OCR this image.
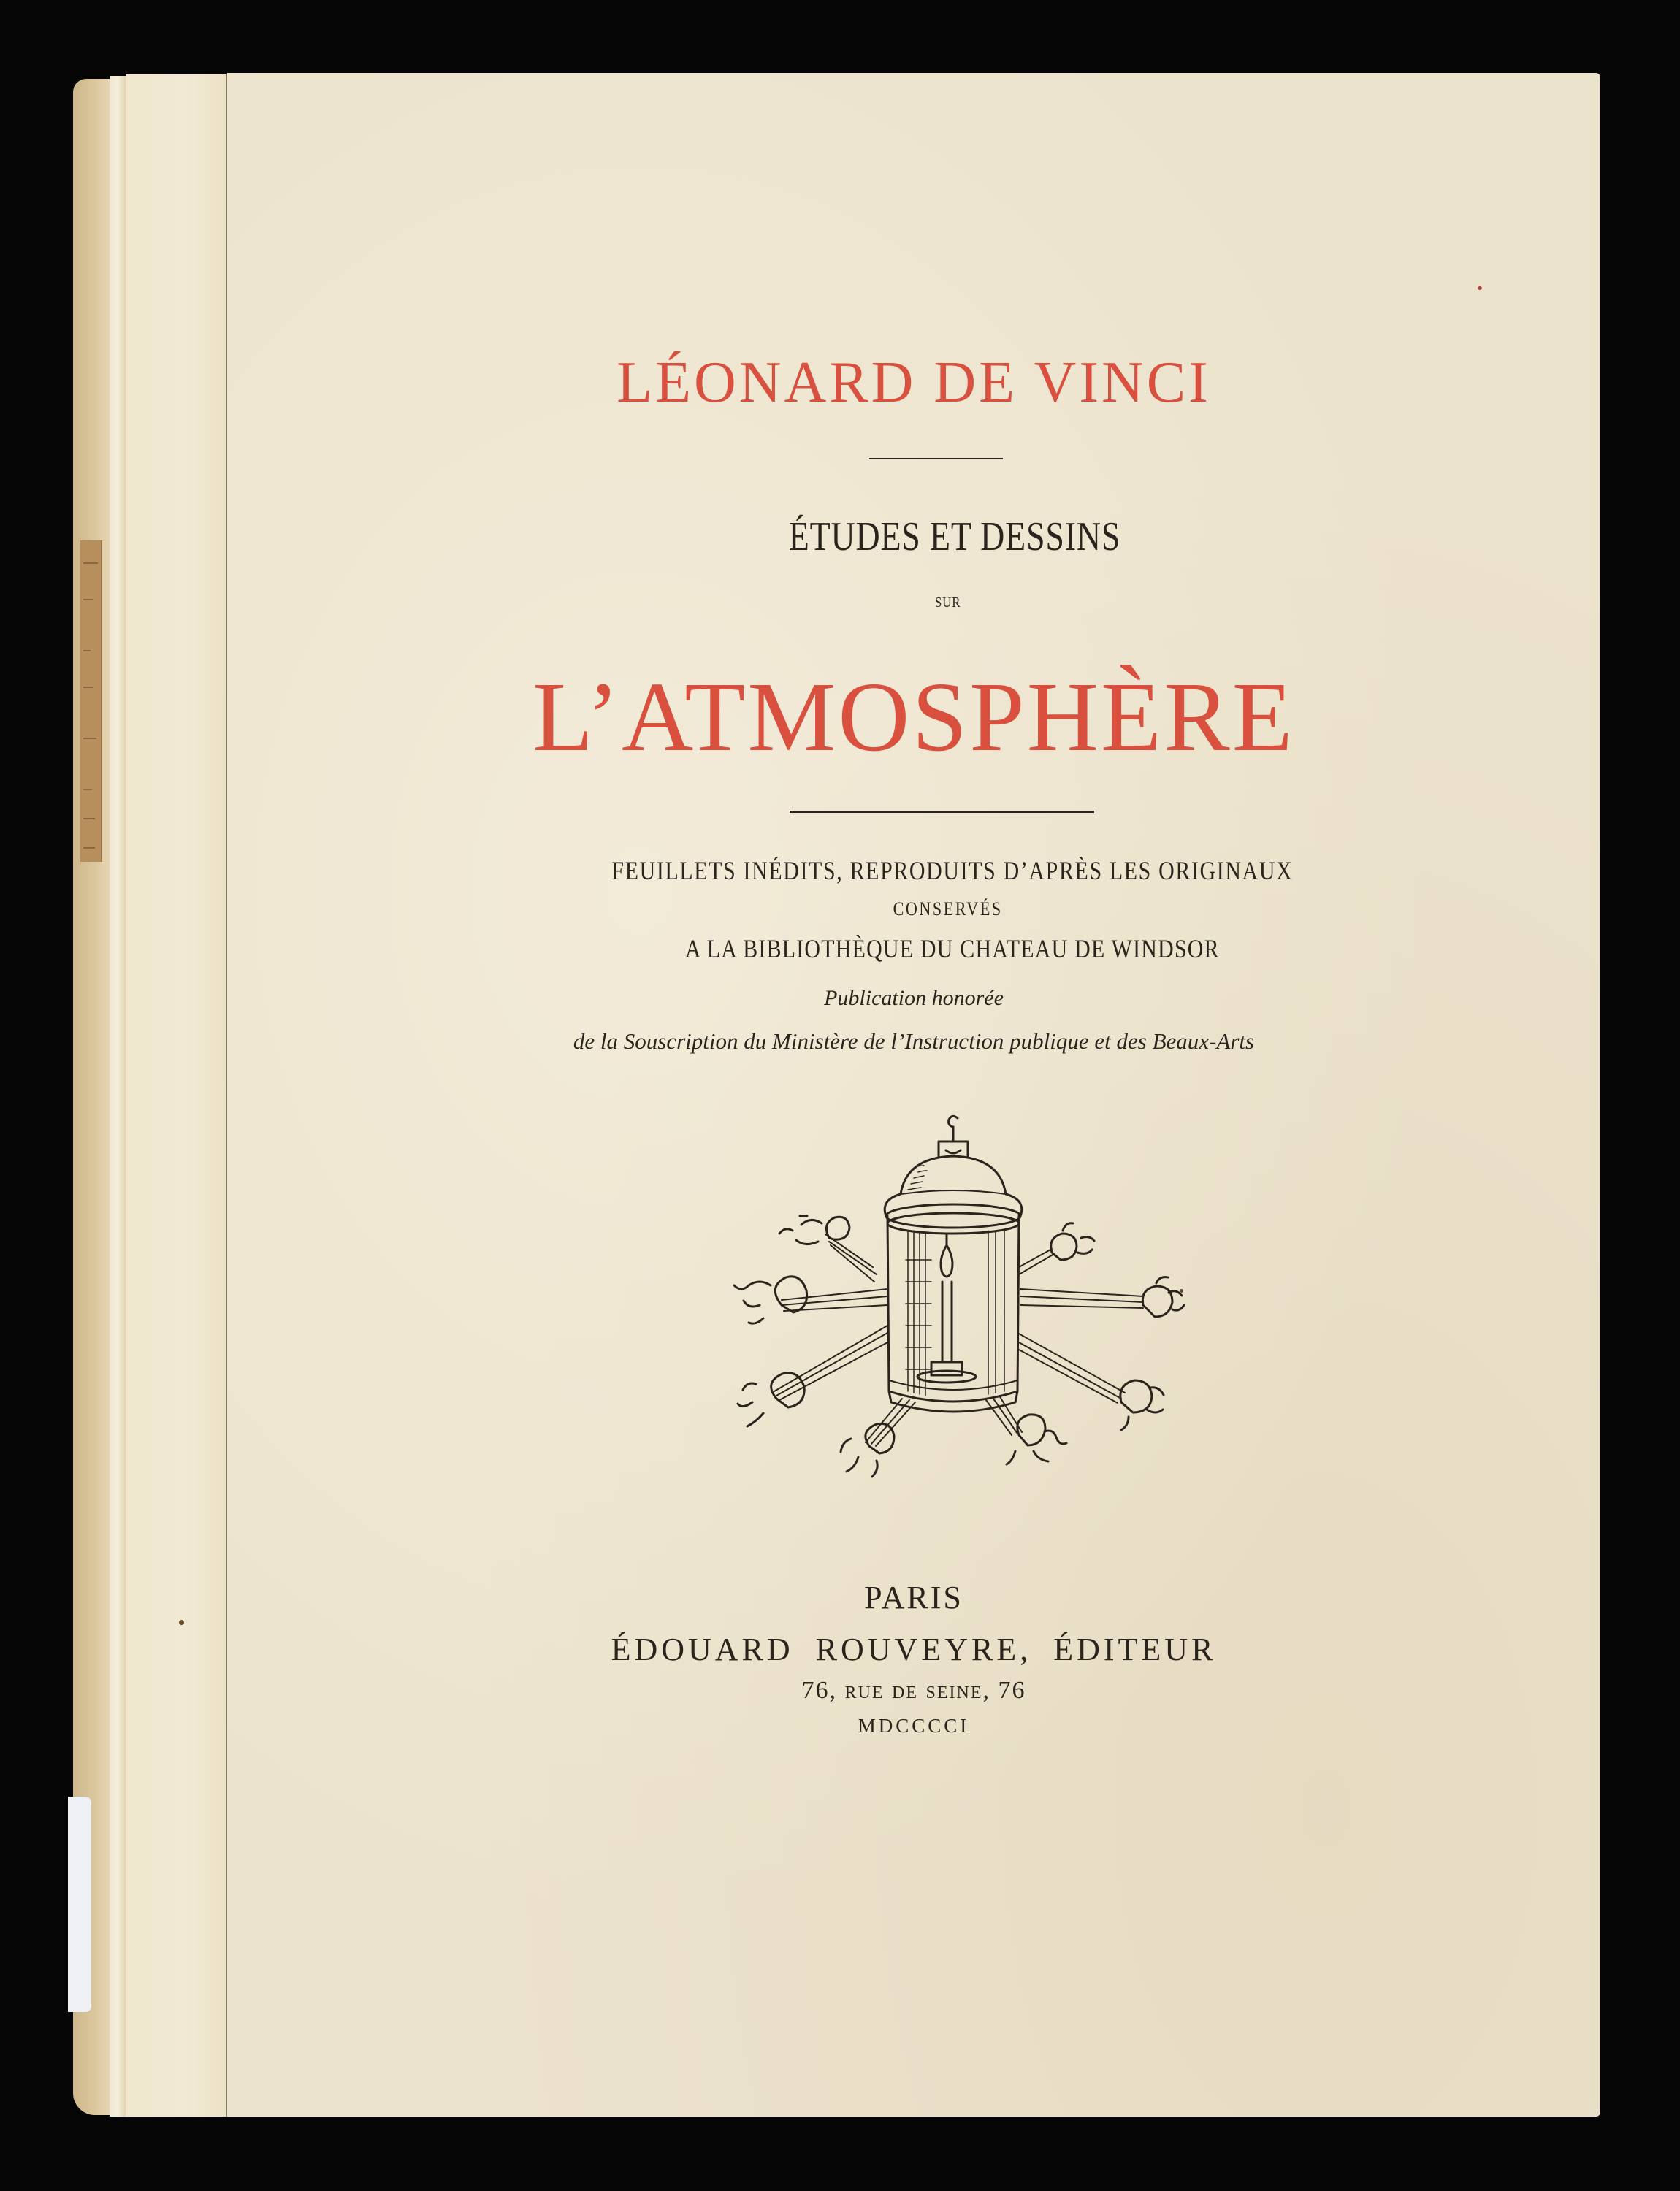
LÉONARD DE VINCI
ÉTUDES ET DESSINS
SUR
L’ATMOSPHÈRE
FEUILLETS INÉDITS, REPRODUITS D’APRÈS LES ORIGINAUX
CONSERVÉS
A LA BIBLIOTHÈQUE DU CHATEAU DE WINDSOR
Publication honorée
de la Souscription du Ministère de l’Instruction publique et des Beaux-Arts
PARIS
ÉDOUARD ROUVEYRE, ÉDITEUR
76, rue de seine, 76
MDCCCCI
